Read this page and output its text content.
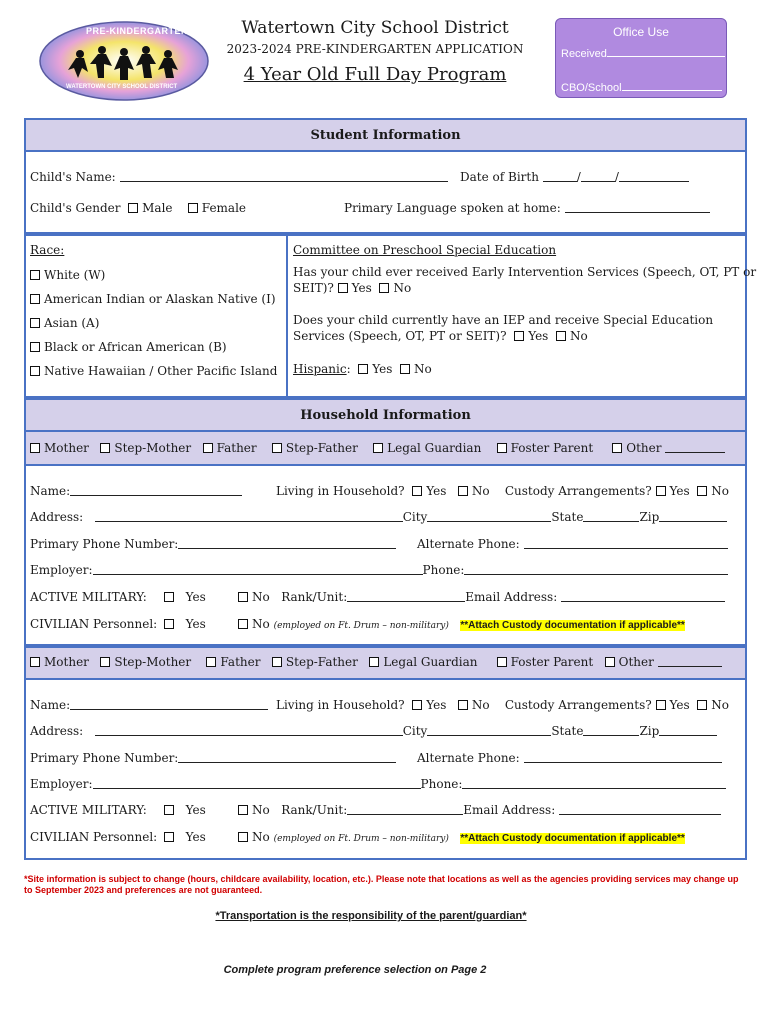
PRE-KINDERGARTEN
WATERTOWN CITY SCHOOL DISTRICT
Watertown City School District
2023-2024 PRE-KINDERGARTEN APPLICATION
4 Year Old Full Day Program
Office Use
Received
CBO/School
Student Information
Child's Name:	Date of Birth	/	/
Child's Gender Male Female	Primary Language spoken at home:
Race:
White (W)
American Indian or Alaskan Native (I)
Asian (A)
Black or African American (B)
Native Hawaiian / Other Pacific Island
Committee on Preschool Special Education
Has your child ever received Early Intervention Services (Speech, OT, PT or
SEIT)? Yes No
Does your child currently have an IEP and receive Special Education
Services (Speech, OT, PT or SEIT)? Yes No
Hispanic:  Yes No
Household Information
Mother Step-Mother Father Step-Father Legal Guardian Foster Parent	Other
Name:	Living in Household? Yes No Custody Arrangements? Yes No
Address:	City	State	Zip
Primary Phone Number:	Alternate Phone:
Employer:	Phone:
ACTIVE MILITARY:	Yes	No Rank/Unit:	Email Address:
CIVILIAN Personnel:	Yes	No (employed on Ft. Drum – non-military) **Attach Custody documentation if applicable**
Mother Step-Mother Father Step-Father Legal Guardian	Foster Parent Other
Name:	Living in Household? Yes No Custody Arrangements? Yes No
Address:	City	State	Zip
Primary Phone Number:	Alternate Phone:
Employer:	Phone:
ACTIVE MILITARY:	Yes	No Rank/Unit:	Email Address:
CIVILIAN Personnel:	Yes	No (employed on Ft. Drum – non-military) **Attach Custody documentation if applicable**
*Site information is subject to change (hours, childcare availability, location, etc.). Please note that locations as well as the agencies providing services may change up to September 2023 and preferences are not guaranteed.
*Transportation is the responsibility of the parent/guardian*
Complete program preference selection on Page 2
